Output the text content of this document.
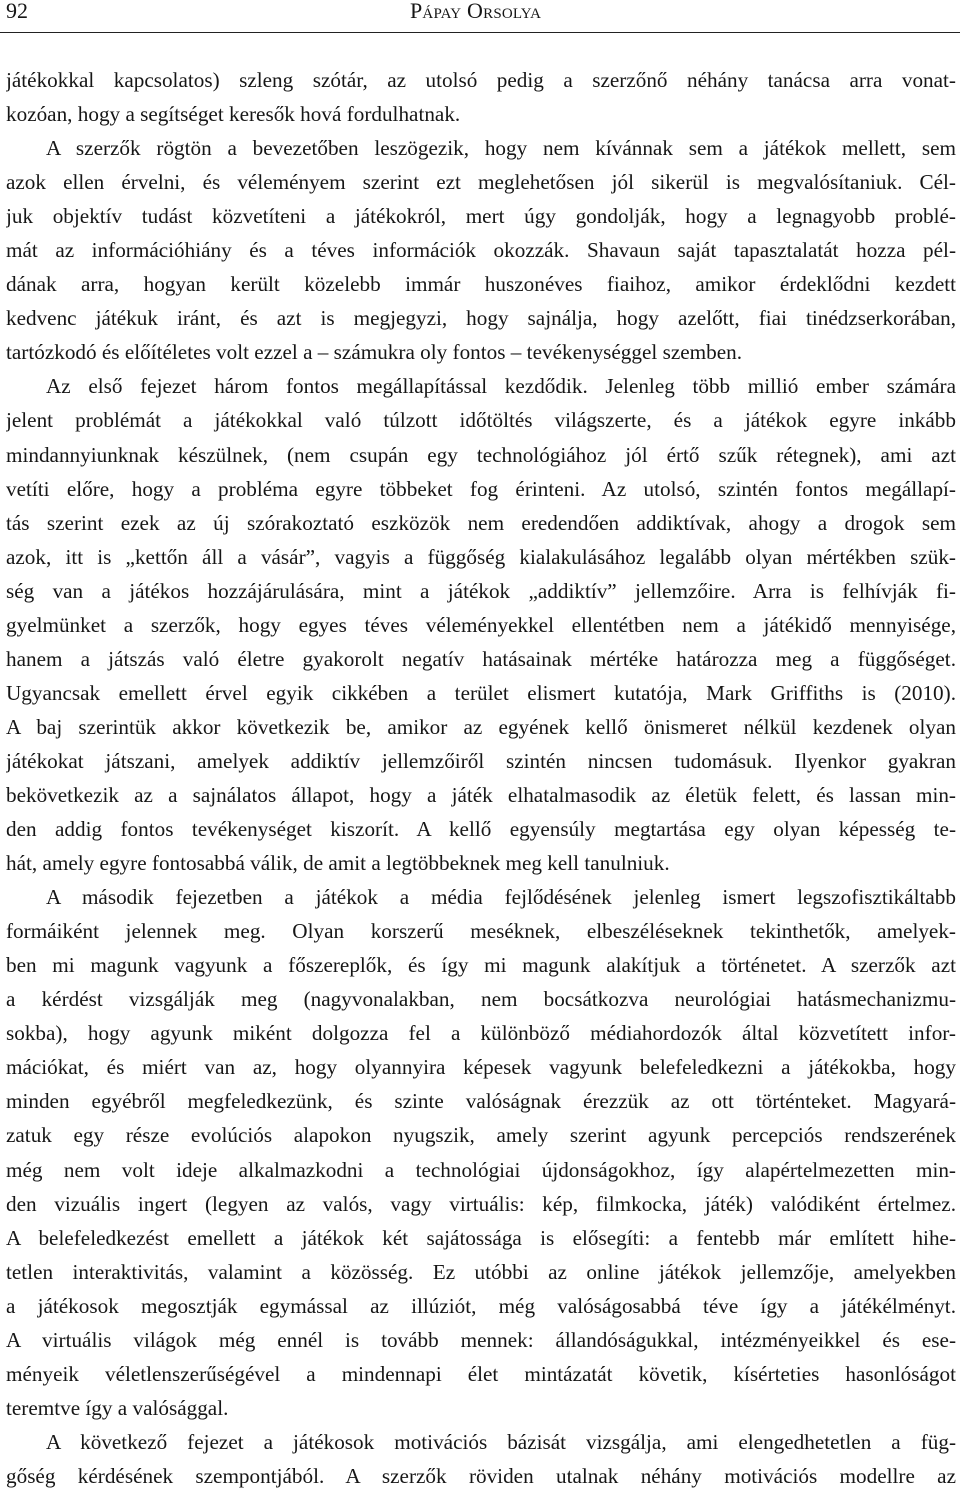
92	Pápay Orsolya
játékokkal kapcsolatos) szleng szótár, az utolsó pedig a szerzőnő néhány tanácsa arra vonat-
kozóan, hogy a segítséget keresők hová fordulhatnak.
A szerzők rögtön a bevezetőben leszögezik, hogy nem kívánnak sem a játékok mellett, sem
azok ellen érvelni, és véleményem szerint ezt meglehetősen jól sikerül is megvalósítaniuk. Cél-
juk objektív tudást közvetíteni a játékokról, mert úgy gondolják, hogy a legnagyobb problé-
mát az információhiány és a téves információk okozzák. Shavaun saját tapasztalatát hozza pél-
dának arra, hogyan került közelebb immár huszonéves fiaihoz, amikor érdeklődni kezdett
kedvenc játékuk iránt, és azt is megjegyzi, hogy sajnálja, hogy azelőtt, fiai tinédzserkorában,
tartózkodó és előítéletes volt ezzel a – számukra oly fontos – tevékenységgel szemben.
Az első fejezet három fontos megállapítással kezdődik. Jelenleg több millió ember számára
jelent problémát a játékokkal való túlzott időtöltés világszerte, és a játékok egyre inkább
mindannyiunknak készülnek, (nem csupán egy technológiához jól értő szűk rétegnek), ami azt
vetíti előre, hogy a probléma egyre többeket fog érinteni. Az utolsó, szintén fontos megállapí-
tás szerint ezek az új szórakoztató eszközök nem eredendően addiktívak, ahogy a drogok sem
azok, itt is „kettőn áll a vásár”, vagyis a függőség kialakulásához legalább olyan mértékben szük-
ség van a játékos hozzájárulására, mint a játékok „addiktív” jellemzőire. Arra is felhívják fi-
gyelmünket a szerzők, hogy egyes téves véleményekkel ellentétben nem a játékidő mennyisége,
hanem a játszás való életre gyakorolt negatív hatásainak mértéke határozza meg a függőséget.
Ugyancsak emellett érvel egyik cikkében a terület elismert kutatója, Mark Griffiths is (2010).
A baj szerintük akkor következik be, amikor az egyének kellő önismeret nélkül kezdenek olyan
játékokat játszani, amelyek addiktív jellemzőiről szintén nincsen tudomásuk. Ilyenkor gyakran
bekövetkezik az a sajnálatos állapot, hogy a játék elhatalmasodik az életük felett, és lassan min-
den addig fontos tevékenységet kiszorít. A kellő egyensúly megtartása egy olyan képesség te-
hát, amely egyre fontosabbá válik, de amit a legtöbbeknek meg kell tanulniuk.
A második fejezetben a játékok a média fejlődésének jelenleg ismert legszofisztikáltabb
formáiként jelennek meg. Olyan korszerű meséknek, elbeszéléseknek tekinthetők, amelyek-
ben mi magunk vagyunk a főszereplők, és így mi magunk alakítjuk a történetet. A szerzők azt
a kérdést vizsgálják meg (nagyvonalakban, nem bocsátkozva neurológiai hatásmechanizmu-
sokba), hogy agyunk miként dolgozza fel a különböző médiahordozók által közvetített infor-
mációkat, és miért van az, hogy olyannyira képesek vagyunk belefeledkezni a játékokba, hogy
minden egyébről megfeledkezünk, és szinte valóságnak érezzük az ott történteket. Magyará-
zatuk egy része evolúciós alapokon nyugszik, amely szerint agyunk percepciós rendszerének
még nem volt ideje alkalmazkodni a technológiai újdonságokhoz, így alapértelmezetten min-
den vizuális ingert (legyen az valós, vagy virtuális: kép, filmkocka, játék) valódiként értelmez.
A belefeledkezést emellett a játékok két sajátossága is elősegíti: a fentebb már említett hihe-
tetlen interaktivitás, valamint a közösség. Ez utóbbi az online játékok jellemzője, amelyekben
a játékosok megosztják egymással az illúziót, még valóságosabbá téve így a játékélményt.
A virtuális világok még ennél is tovább mennek: állandóságukkal, intézményeikkel és ese-
ményeik véletlenszerűségével a mindennapi élet mintázatát követik, kísérteties hasonlóságot
teremtve így a valósággal.
A következő fejezet a játékosok motivációs bázisát vizsgálja, ami elengedhetetlen a füg-
gőség kérdésének szempontjából. A szerzők röviden utalnak néhány motivációs modellre az
